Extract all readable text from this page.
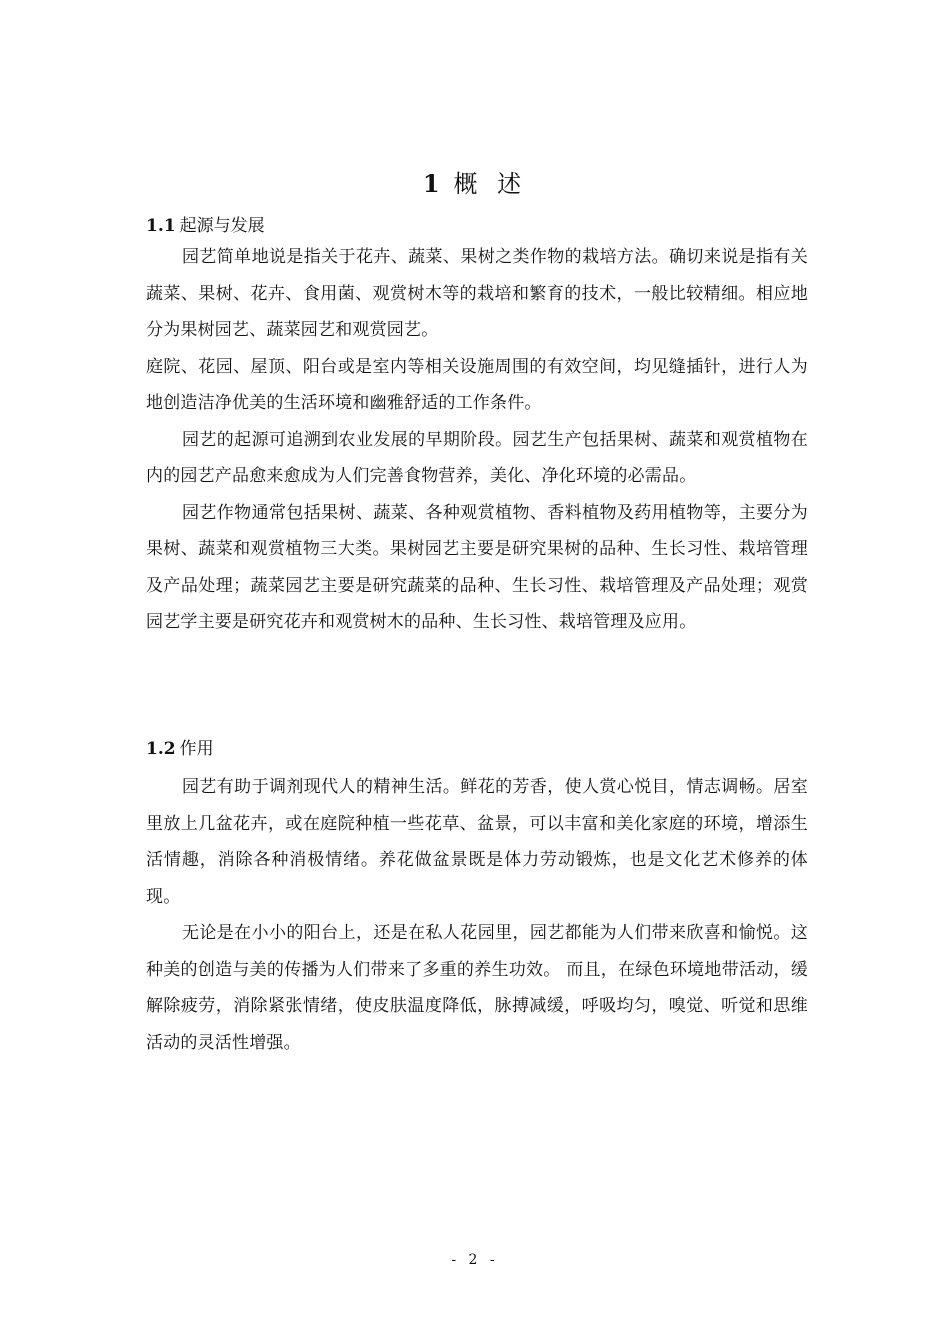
1 概 述
1.1 起源与发展

园艺简单地说是指关于花卉、蔬菜、果树之类作物的栽培方法。确切来说是指有关蔬菜、果树、花卉、食用菌、观赏树木等的栽培和繁育的技术，一般比较精细。相应地分为果树园艺、蔬菜园艺和观赏园艺。

庭院、花园、屋顶、阳台或是室内等相关设施周围的有效空间，均见缝插针，进行人为地创造洁净优美的生活环境和幽雅舒适的工作条件。

园艺的起源可追溯到农业发展的早期阶段。园艺生产包括果树、蔬菜和观赏植物在内的园艺产品愈来愈成为人们完善食物营养，美化、净化环境的必需品。

园艺作物通常包括果树、蔬菜、各种观赏植物、香料植物及药用植物等，主要分为果树、蔬菜和观赏植物三大类。果树园艺主要是研究果树的品种、生长习性、栽培管理及产品处理；蔬菜园艺主要是研究蔬菜的品种、生长习性、栽培管理及产品处理；观赏园艺学主要是研究花卉和观赏树木的品种、生长习性、栽培管理及应用。

1.2 作用

园艺有助于调剂现代人的精神生活。鲜花的芳香，使人赏心悦目，情志调畅。居室里放上几盆花卉，或在庭院种植一些花草、盆景，可以丰富和美化家庭的环境，增添生活情趣，消除各种消极情绪。养花做盆景既是体力劳动锻炼，也是文化艺术修养的体现。

无论是在小小的阳台上，还是在私人花园里，园艺都能为人们带来欣喜和愉悦。这种美的创造与美的传播为人们带来了多重的养生功效。 而且，在绿色环境地带活动，缓解除疲劳，消除紧张情绪，使皮肤温度降低，脉搏减缓，呼吸均匀，嗅觉、听觉和思维活动的灵活性增强。

- 2 -
